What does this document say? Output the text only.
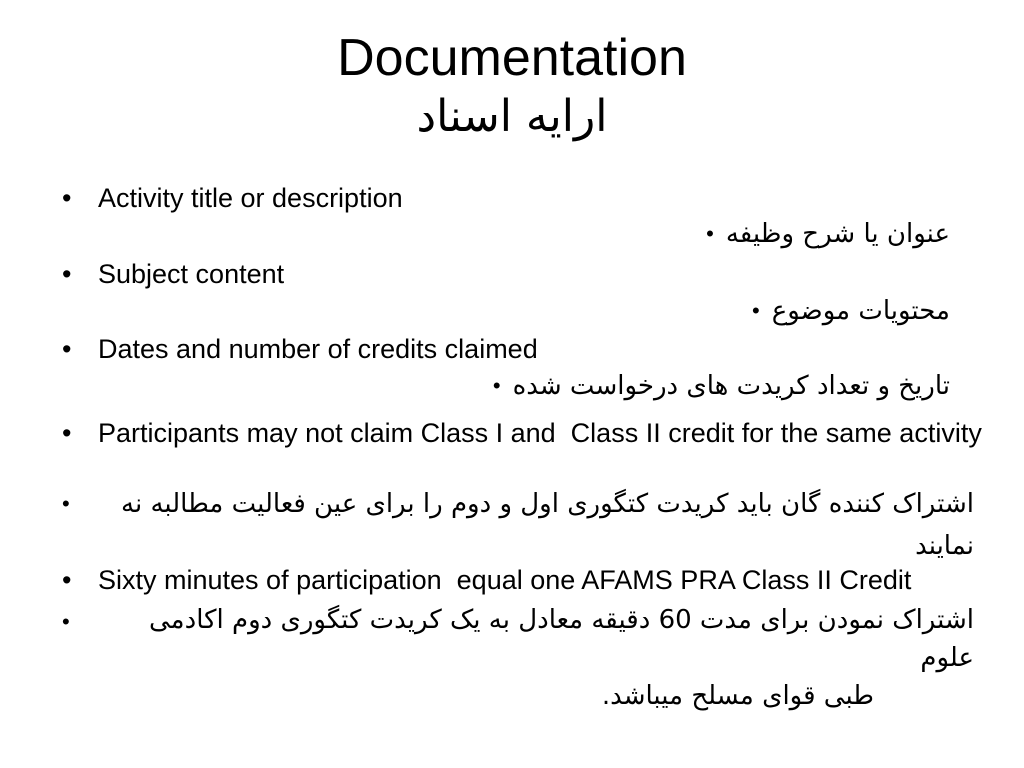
Documentation
ارایه اسناد
• Activity title or description
• عنوان یا شرح وظیفه
• Subject content
• محتویات موضوع
• Dates and number of credits claimed
• تاریخ و تعداد کریدت های درخواست شده
• Participants may not claim Class I and  Class II credit for the same activity
•	اشتراک کننده گان باید کریدت کتگوری اول و دوم را برای عین فعالیت مطالبه نه
نمایند
• Sixty minutes of participation  equal one AFAMS PRA Class II Credit
•	اشتراک نمودن برای مدت 60 دقیقه معادل به یک کریدت کتگوری دوم اکادمی علوم
طبی قوای مسلح میباشد.
